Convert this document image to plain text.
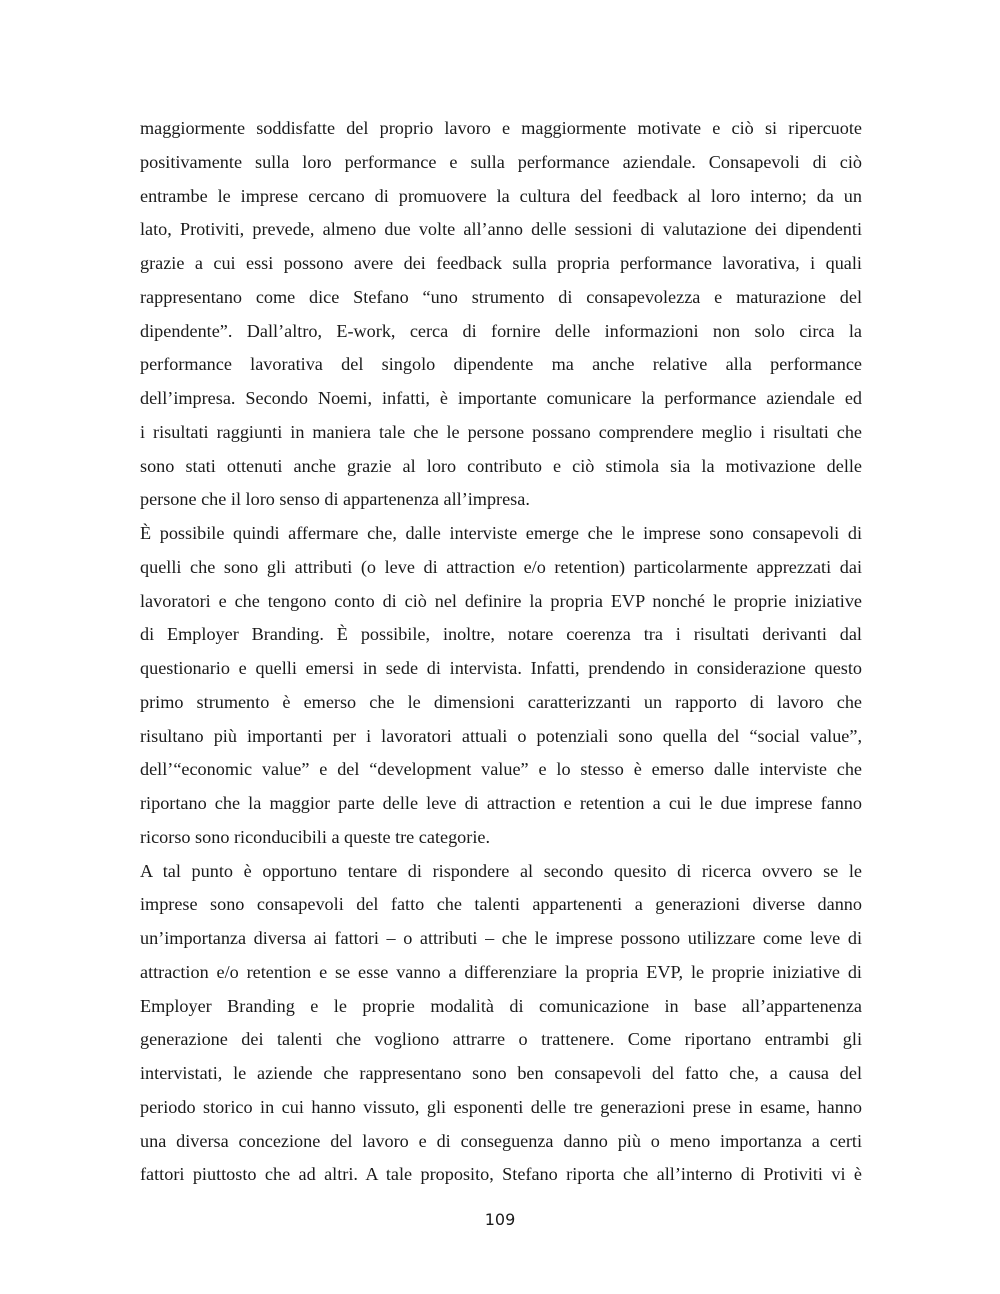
maggiormente soddisfatte del proprio lavoro e maggiormente motivate e ciò si ripercuote
positivamente sulla loro performance e sulla performance aziendale. Consapevoli di ciò
entrambe le imprese cercano di promuovere la cultura del feedback al loro interno; da un
lato, Protiviti, prevede, almeno due volte all’anno delle sessioni di valutazione dei dipendenti
grazie a cui essi possono avere dei feedback sulla propria performance lavorativa, i quali
rappresentano come dice Stefano “uno strumento di consapevolezza e maturazione del
dipendente”. Dall’altro, E-work, cerca di fornire delle informazioni non solo circa la
performance lavorativa del singolo dipendente ma anche relative alla performance
dell’impresa. Secondo Noemi, infatti, è importante comunicare la performance aziendale ed
i risultati raggiunti in maniera tale che le persone possano comprendere meglio i risultati che
sono stati ottenuti anche grazie al loro contributo e ciò stimola sia la motivazione delle
persone che il loro senso di appartenenza all’impresa.
È possibile quindi affermare che, dalle interviste emerge che le imprese sono consapevoli di
quelli che sono gli attributi (o leve di attraction e/o retention) particolarmente apprezzati dai
lavoratori e che tengono conto di ciò nel definire la propria EVP nonché le proprie iniziative
di Employer Branding. È possibile, inoltre, notare coerenza tra i risultati derivanti dal
questionario e quelli emersi in sede di intervista. Infatti, prendendo in considerazione questo
primo strumento è emerso che le dimensioni caratterizzanti un rapporto di lavoro che
risultano più importanti per i lavoratori attuali o potenziali sono quella del “social value”,
dell’“economic value” e del “development value” e lo stesso è emerso dalle interviste che
riportano che la maggior parte delle leve di attraction e retention a cui le due imprese fanno
ricorso sono riconducibili a queste tre categorie.
A tal punto è opportuno tentare di rispondere al secondo quesito di ricerca ovvero se le
imprese sono consapevoli del fatto che talenti appartenenti a generazioni diverse danno
un’importanza diversa ai fattori – o attributi – che le imprese possono utilizzare come leve di
attraction e/o retention e se esse vanno a differenziare la propria EVP, le proprie iniziative di
Employer Branding e le proprie modalità di comunicazione in base all’appartenenza
generazione dei talenti che vogliono attrarre o trattenere. Come riportano entrambi gli
intervistati, le aziende che rappresentano sono ben consapevoli del fatto che, a causa del
periodo storico in cui hanno vissuto, gli esponenti delle tre generazioni prese in esame, hanno
una diversa concezione del lavoro e di conseguenza danno più o meno importanza a certi
fattori piuttosto che ad altri. A tale proposito, Stefano riporta che all’interno di Protiviti vi è
109
